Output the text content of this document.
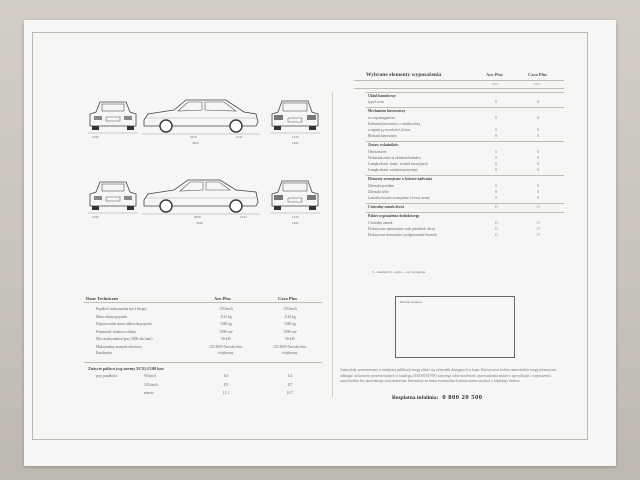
1395	2570
4300
1411	1475
1681
1395	2550
4359
1474	1475
1681
Wybrane elementy wyposażenia	Aro Plus	Cara Plus
GLI	GLI
Układ hamulcowy
typu Lucas	S	S
Mechanizm kierowniczy
ze wspomaganiem	S	S
Kolumna kierownicy z możliwością
z regulacją wysokości, listwa	S	S
Blokada kierownicy	S	S
Zestaw wskaźników
Obrotomierz	S	S
Wskaźnik zużycia okładzin hamulca	S	S
Lampka kontr. funkc. świateł awaryjnych	S	S
Lampka kontr. zasilania przyczepy	S	S
Elementy zewnętrzne w kolorze nadwozia
Zderzaki przednie	S	S
Zderzaki tylne	S	S
Lusterka boczne zewnętrzne z lewej strony	S	S
Centralny zamek drzwi	O	O
Pakiet wyposażenia dodatkowego
Centralny zamek	O	O
Elektryczne opuszczanie szyb przednich drzwi	O	O
Elektryczne sterowanie i podgrzewanie lusterek	O	O
S - standard O - opcja - - nie występuje
Pieczęć dealera
Samochody prezentowane w niniejszej publikacji mogą różnić się od modeli dostępnych w kraju. Rzeczywiste kolory samochodów mogą nieznacznie odbiegać od kolorów prezentowanych w katalogu. DAEWOO FSO zastrzega sobie możliwość wprowadzania zmian w specyfikacji i wyposażeniu samochodów bez uprzedniego zawiadomienia. Informacje na temat ewentualnych zmian można uzyskać u lokalnego dealera.
Bezpłatna infolinia: 0 800 20 500
Dane Techniczne	Aro Plus	Cara Plus
Prędkość maksymalna (na 4 biegu)	150 km/h	150 km/h
Masa własna pojazdu	1125 kg	1145 kg
Dopuszczalna masa całkowita pojazdu	1560 kg	1560 kg
Pojemność skokowa silnika	1598 cm³	1598 cm³
Moc maksymalna (przy 5000 obr./min)	56 kW	56 kW
Maksymalny moment obrotowy	121/3600 Nm/obr./min.	121/3600 Nm/obr./min.
Katalizator	trójdrożny	trójdrożny
Zużycie paliwa (wg normy ECE) l/100 km:
przy prędkości	90 km/h	6,6	6,4
120 km/h	8,9	8,7
miasto	11,1	10,7
